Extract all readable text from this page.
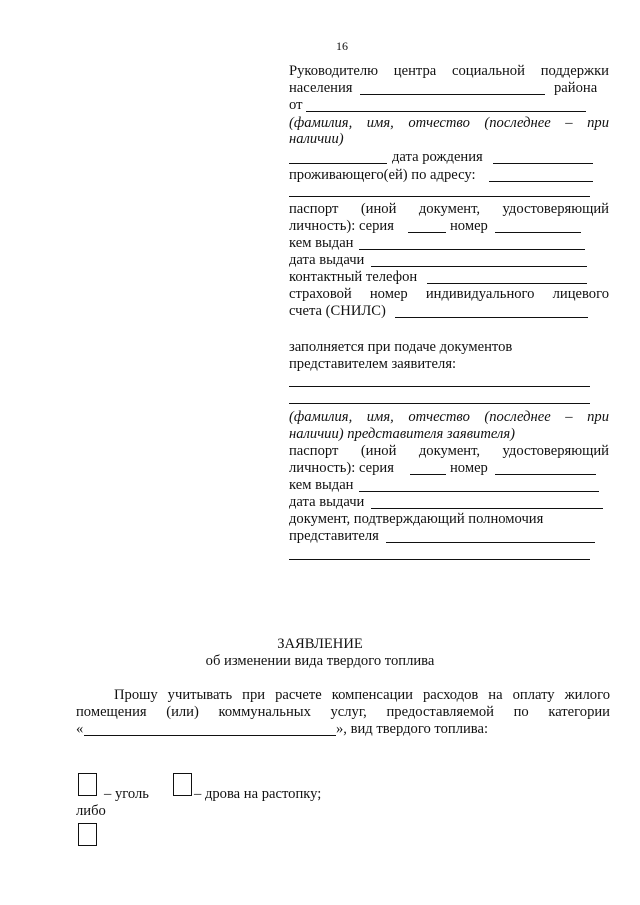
16
Руководителю центра социальной поддержки
населения	района
от
(фамилия, имя, отчество (последнее – при
наличии)
дата рождения
проживающего(ей) по адресу:
паспорт (иной документ, удостоверяющий
личность): серия	номер
кем выдан
дата выдачи
контактный телефон
страховой номер индивидуального лицевого
счета (СНИЛС)
заполняется при подаче документов
представителем заявителя:
(фамилия, имя, отчество (последнее – при
наличии) представителя заявителя)
паспорт (иной документ, удостоверяющий
личность): серия	номер
кем выдан
дата выдачи
документ, подтверждающий полномочия
представителя
ЗАЯВЛЕНИЕ
об изменении вида твердого топлива
Прошу учитывать при расчете компенсации расходов на оплату жилого
помещения (или) коммунальных услуг, предоставляемой по категории
«	», вид твердого топлива:
– уголь	– дрова на растопку;
либо
